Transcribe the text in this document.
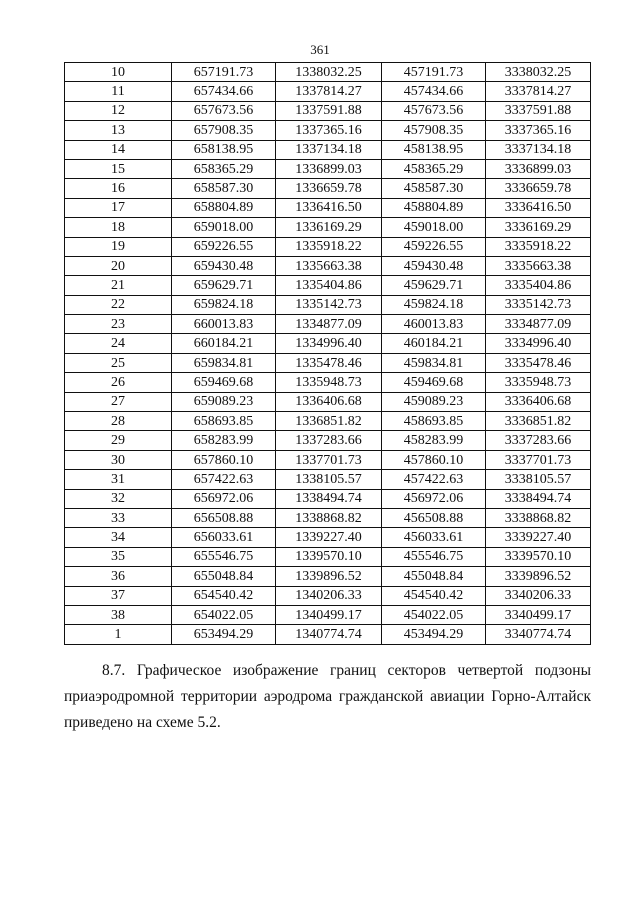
361
10	657191.73	1338032.25	457191.73	3338032.25
11	657434.66	1337814.27	457434.66	3337814.27
12	657673.56	1337591.88	457673.56	3337591.88
13	657908.35	1337365.16	457908.35	3337365.16
14	658138.95	1337134.18	458138.95	3337134.18
15	658365.29	1336899.03	458365.29	3336899.03
16	658587.30	1336659.78	458587.30	3336659.78
17	658804.89	1336416.50	458804.89	3336416.50
18	659018.00	1336169.29	459018.00	3336169.29
19	659226.55	1335918.22	459226.55	3335918.22
20	659430.48	1335663.38	459430.48	3335663.38
21	659629.71	1335404.86	459629.71	3335404.86
22	659824.18	1335142.73	459824.18	3335142.73
23	660013.83	1334877.09	460013.83	3334877.09
24	660184.21	1334996.40	460184.21	3334996.40
25	659834.81	1335478.46	459834.81	3335478.46
26	659469.68	1335948.73	459469.68	3335948.73
27	659089.23	1336406.68	459089.23	3336406.68
28	658693.85	1336851.82	458693.85	3336851.82
29	658283.99	1337283.66	458283.99	3337283.66
30	657860.10	1337701.73	457860.10	3337701.73
31	657422.63	1338105.57	457422.63	3338105.57
32	656972.06	1338494.74	456972.06	3338494.74
33	656508.88	1338868.82	456508.88	3338868.82
34	656033.61	1339227.40	456033.61	3339227.40
35	655546.75	1339570.10	455546.75	3339570.10
36	655048.84	1339896.52	455048.84	3339896.52
37	654540.42	1340206.33	454540.42	3340206.33
38	654022.05	1340499.17	454022.05	3340499.17
1	653494.29	1340774.74	453494.29	3340774.74
8.7. Графическое изображение границ секторов четвертой подзоны приаэродромной территории аэродрома гражданской авиации Горно-Алтайск приведено на схеме 5.2.
